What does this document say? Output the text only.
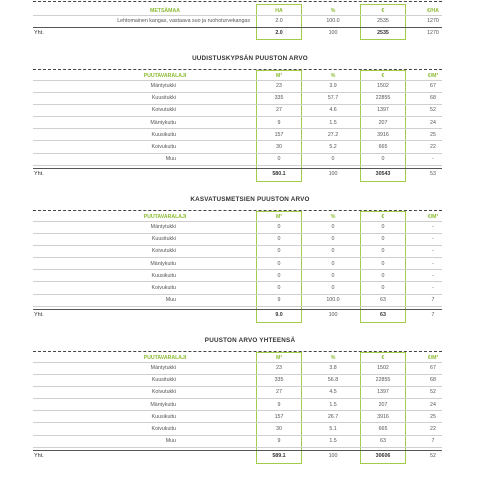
METSÄMAA	HA	%	€	€/HA
Lehtomainen kangas, vastaava suo ja ruohoturvekangas	2.0	100.0	2535	1270
Yht.	2.0	100	2535	1270
UUDISTUSKYPSÄN PUUSTON ARVO
PUUTAVARALAJI	M³	%	€	€/M³
Mäntytukki	23	3.9	1502	67
Kuusitukki	335	57.7	22855	68
Koivutukki	27	4.6	1397	52
Mäntykuitu	9	1.5	207	24
Kuusikuitu	157	27.2	3916	25
Koivukuitu	30	5.2	665	22
Muu	0	0	0	-
Yht.	580.1	100	30543	53
KASVATUSMETSIEN PUUSTON ARVO
PUUTAVARALAJI	M³	%	€	€/M³
Mäntytukki	0	0	0	-
Kuusitukki	0	0	0	-
Koivutukki	0	0	0	-
Mäntykuitu	0	0	0	-
Kuusikuitu	0	0	0	-
Koivukuitu	0	0	0	-
Muu	9	100.0	63	7
Yht.	9.0	100	63	7
PUUSTON ARVO YHTEENSÄ
PUUTAVARALAJI	M³	%	€	€/M³
Mäntytukki	23	3.8	1502	67
Kuusitukki	335	56.8	22855	68
Koivutukki	27	4.5	1397	52
Mäntykuitu	9	1.5	207	24
Kuusikuitu	157	26.7	3916	25
Koivukuitu	30	5.1	665	22
Muu	9	1.5	63	7
Yht.	589.1	100	30606	52
